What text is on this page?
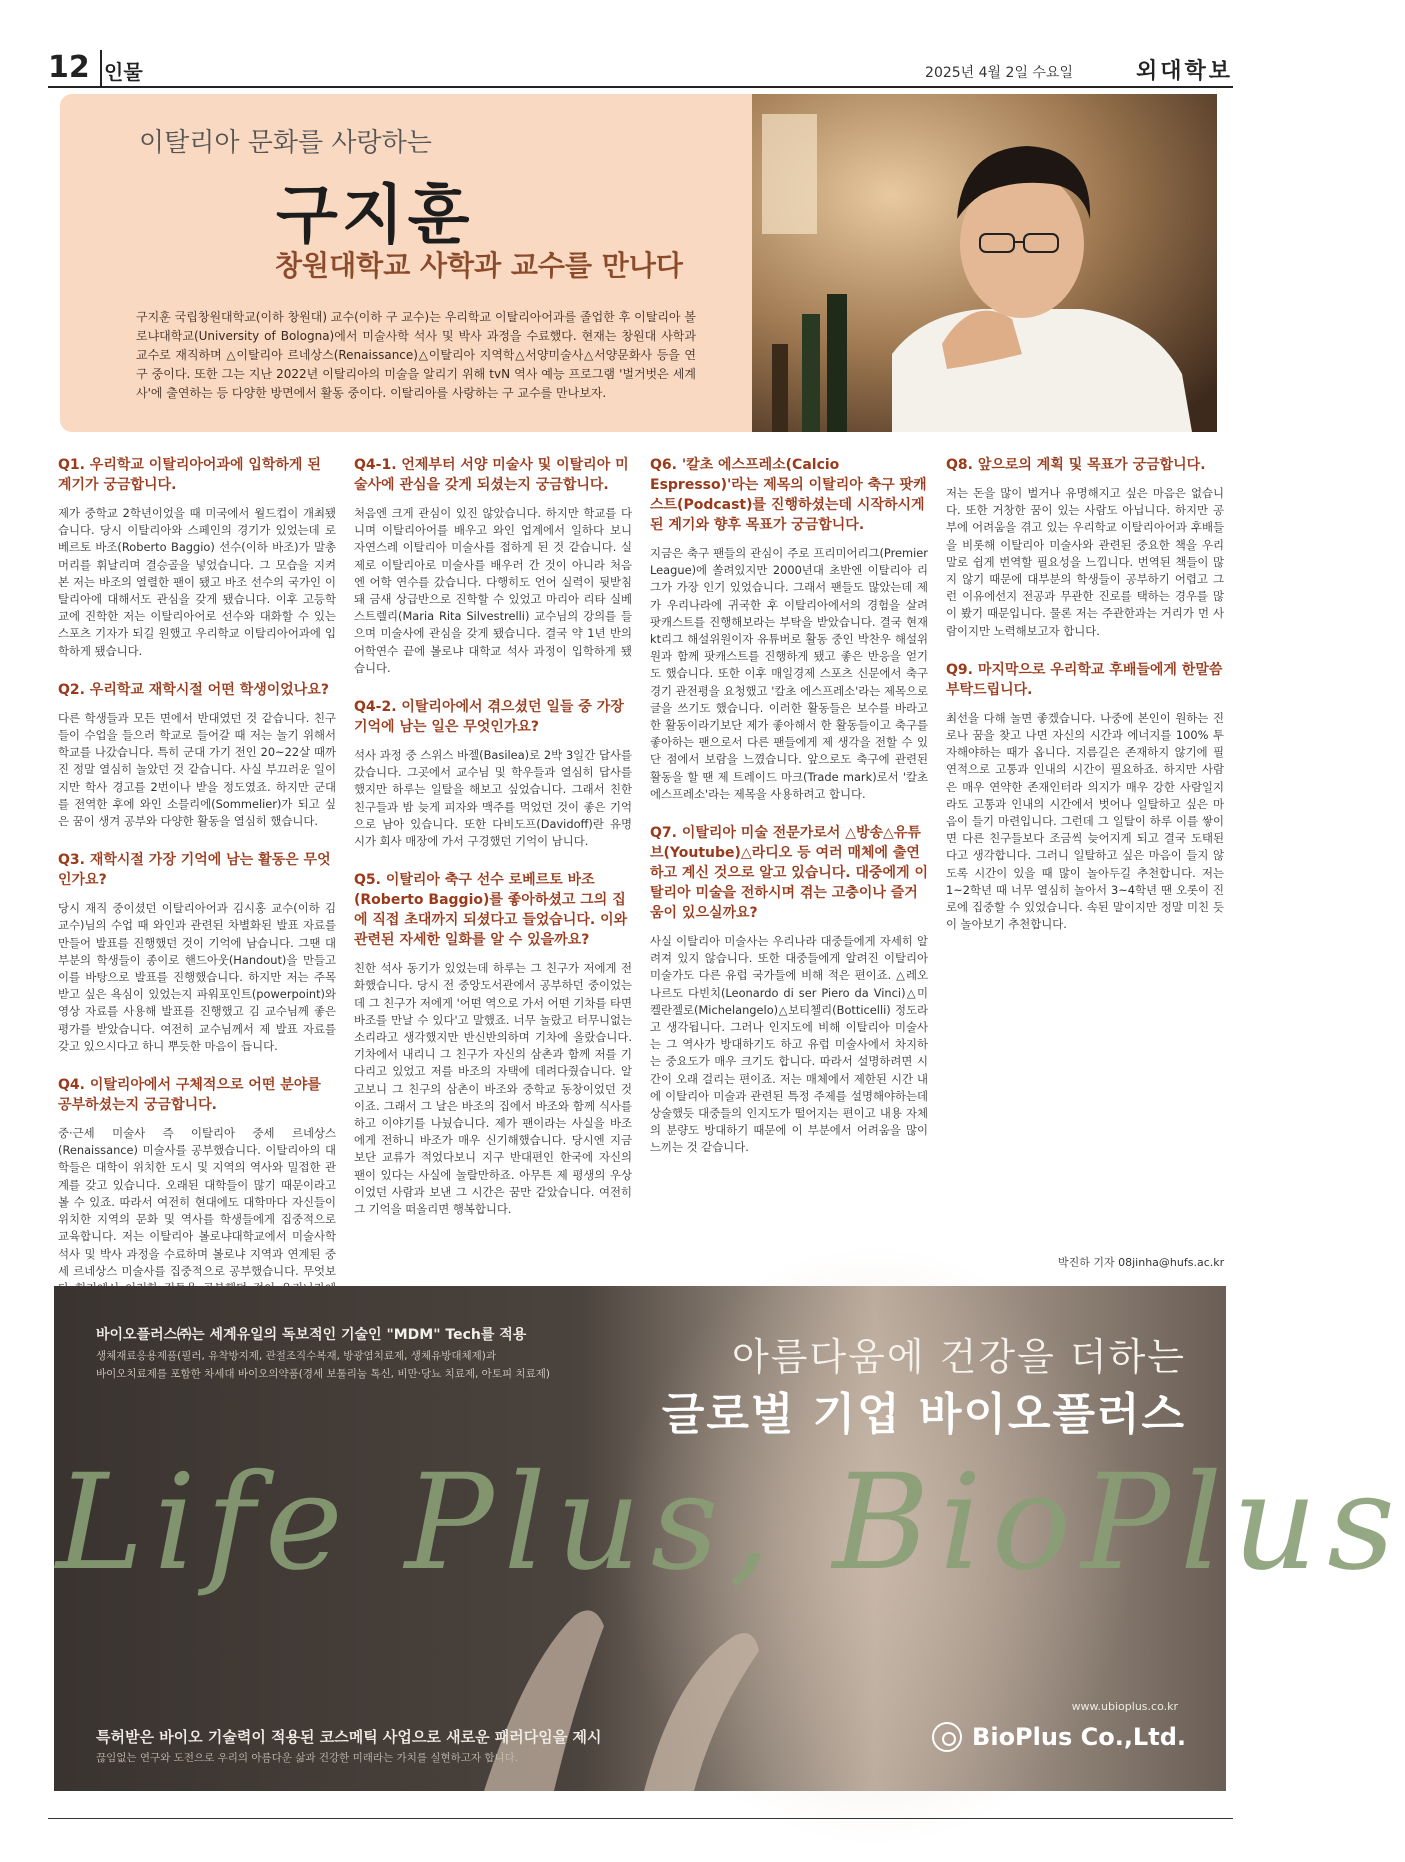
12 인물	2025년 4월 2일 수요일	외대학보
이탈리아 문화를 사랑하는
구지훈
창원대학교 사학과 교수를 만나다
구지훈 국립창원대학교(이하 창원대) 교수(이하 구 교수)는 우리학교 이탈리아어과를 졸업한 후 이탈리아 볼로냐대학교(University of Bologna)에서 미술사학 석사 및 박사 과정을 수료했다. 현재는 창원대 사학과 교수로 재직하며 △이탈리아 르네상스(Renaissance)△이탈리아 지역학△서양미술사△서양문화사 등을 연구 중이다. 또한 그는 지난 2022년 이탈리아의 미술을 알리기 위해 tvN 역사 예능 프로그램 '벌거벗은 세계사'에 출연하는 등 다양한 방면에서 활동 중이다. 이탈리아를 사랑하는 구 교수를 만나보자.
Q1. 우리학교 이탈리아어과에 입학하게 된 계기가 궁금합니다.
제가 중학교 2학년이었을 때 미국에서 월드컵이 개최됐습니다. 당시 이탈리아와 스페인의 경기가 있었는데 로베르토 바조(Roberto Baggio) 선수(이하 바조)가 말총머리를 휘날리며 결승골을 넣었습니다. 그 모습을 지켜본 저는 바조의 열렬한 팬이 됐고 바조 선수의 국가인 이탈리아에 대해서도 관심을 갖게 됐습니다. 이후 고등학교에 진학한 저는 이탈리아어로 선수와 대화할 수 있는 스포츠 기자가 되길 원했고 우리학교 이탈리아어과에 입학하게 됐습니다.
Q2. 우리학교 재학시절 어떤 학생이었나요?
다른 학생들과 모든 면에서 반대였던 것 같습니다. 친구들이 수업을 들으러 학교로 들어갈 때 저는 놀기 위해서 학교를 나갔습니다. 특히 군대 가기 전인 20~22살 때까진 정말 열심히 놀았던 것 같습니다. 사실 부끄러운 일이지만 학사 경고를 2번이나 받을 정도였죠. 하지만 군대를 전역한 후에 와인 소믈리에(Sommelier)가 되고 싶은 꿈이 생겨 공부와 다양한 활동을 열심히 했습니다.
Q3. 재학시절 가장 기억에 남는 활동은 무엇인가요?
당시 재직 중이셨던 이탈리아어과 김시홍 교수(이하 김 교수)님의 수업 때 와인과 관련된 차별화된 발표 자료를 만들어 발표를 진행했던 것이 기억에 남습니다. 그땐 대부분의 학생들이 종이로 핸드아웃(Handout)을 만들고 이를 바탕으로 발표를 진행했습니다. 하지만 저는 주목 받고 싶은 욕심이 있었는지 파워포인트(powerpoint)와 영상 자료를 사용해 발표를 진행했고 김 교수님께 좋은 평가를 받았습니다. 여전히 교수님께서 제 발표 자료를 갖고 있으시다고 하니 뿌듯한 마음이 듭니다.
Q4. 이탈리아에서 구체적으로 어떤 분야를 공부하셨는지 궁금합니다.
중·근세 미술사 즉 이탈리아 중세 르네상스(Renaissance) 미술사를 공부했습니다. 이탈리아의 대학들은 대학이 위치한 도시 및 지역의 역사와 밀접한 관계를 갖고 있습니다. 오래된 대학들이 많기 때문이라고 볼 수 있죠. 따라서 여전히 현대에도 대학마다 자신들이 위치한 지역의 문화 및 역사를 학생들에게 집중적으로 교육합니다. 저는 이탈리아 볼로냐대학교에서 미술사학 석사 및 박사 과정을 수료하며 볼로냐 지역과 연계된 중세 르네상스 미술사를 집중적으로 공부했습니다. 무엇보
Q4-1. 언제부터 서양 미술사 및 이탈리아 미술사에 관심을 갖게 되셨는지 궁금합니다.
처음엔 크게 관심이 있진 않았습니다. 하지만 학교를 다니며 이탈리아어를 배우고 와인 업계에서 일하다 보니 자연스레 이탈리아 미술사를 접하게 된 것 같습니다. 실제로 이탈리아로 미술사를 배우러 간 것이 아니라 처음엔 어학 연수를 갔습니다. 다행히도 언어 실력이 뒷받침돼 금새 상급반으로 진학할 수 있었고 마리아 리타 실베스트렐리(Maria Rita Silvestrelli) 교수님의 강의를 들으며 미술사에 관심을 갖게 됐습니다. 결국 약 1년 반의 어학연수 끝에 볼로냐 대학교 석사 과정이 입학하게 됐습니다.
Q4-2. 이탈리아에서 겪으셨던 일들 중 가장 기억에 남는 일은 무엇인가요?
석사 과정 중 스위스 바젤(Basilea)로 2박 3일간 답사를 갔습니다. 그곳에서 교수님 및 학우들과 열심히 답사를 했지만 하루는 일탈을 해보고 싶었습니다. 그래서 친한 친구들과 밤 늦게 피자와 맥주를 먹었던 것이 좋은 기억으로 남아 있습니다. 또한 다비도프(Davidoff)란 유명 시가 회사 매장에 가서 구경했던 기억이 남니다.
Q5. 이탈리아 축구 선수 로베르토 바조(Roberto Baggio)를 좋아하셨고 그의 집에 직접 초대까지 되셨다고 들었습니다. 이와 관련된 자세한 일화를 알 수 있을까요?
친한 석사 동기가 있었는데 하루는 그 친구가 저에게 전화했습니다. 당시 전 중앙도서관에서 공부하던 중이었는데 그 친구가 저에게 '어떤 역으로 가서 어떤 기차를 타면 바조를 만날 수 있다'고 말했죠. 너무 놀랐고 터무니없는 소리라고 생각했지만 반신반의하며 기차에 올랐습니다. 기차에서 내리니 그 친구가 자신의 삼촌과 함께 저를 기다리고 있었고 저를 바조의 자택에 데려다줬습니다. 알고보니 그 친구의 삼촌이 바조와 중학교 동창이었던 것이죠. 그래서 그 날은 바조의 집에서 바조와 함께 식사를 하고 이야기를 나눴습니다. 제가 팬이라는 사실을 바조에게 전하니 바조가 매우 신기해했습니다. 당시엔 지금보단 교류가 적었다보니 지구 반대편인 한국에 자신의 팬이 있다는 사실에 놀랄만하죠. 아무튼 제 평생의 우상이었던 사람과 보낸 그 시간은 꿈만 같았습니다. 여전히 그 기억을 떠올리면 행복합니다.
Q6. '칼초 에스프레소(Calcio Espresso)'라는 제목의 이탈리아 축구 팟캐스트(Podcast)를 진행하셨는데 시작하시게 된 계기와 향후 목표가 궁금합니다.
지금은 축구 팬들의 관심이 주로 프리미어리그(Premier League)에 쏠려있지만 2000년대 초반엔 이탈리아 리그가 가장 인기 있었습니다. 그래서 팬들도 많았는데 제가 우리나라에 귀국한 후 이탈리아에서의 경험을 살려 팟캐스트를 진행해보라는 부탁을 받았습니다. 결국 현재 kt리그 해설위원이자 유튜버로 활동 중인 박찬우 해설위원과 함께 팟캐스트를 진행하게 됐고 좋은 반응을 얻기도 했습니다. 또한 이후 매일경제 스포츠 신문에서 축구 경기 관전평을 요청했고 '칼초 에스프레소'라는 제목으로 글을 쓰기도 했습니다. 이러한 활동들은 보수를 바라고 한 활동이라기보단 제가 좋아해서 한 활동들이고 축구를 좋아하는 팬으로서 다른 팬들에게 제 생각을 전할 수 있단 점에서 보람을 느꼈습니다. 앞으로도 축구에 관련된 활동을 할 땐 제 트레이드 마크(Trade mark)로서 '칼초 에스프레소'라는 제목을 사용하려고 합니다.
Q7. 이탈리아 미술 전문가로서 △방송△유튜브(Youtube)△라디오 등 여러 매체에 출연하고 계신 것으로 알고 있습니다. 대중에게 이탈리아 미술을 전하시며 겪는 고충이나 즐거움이 있으실까요?
사실 이탈리아 미술사는 우리나라 대중들에게 자세히 알려져 있지 않습니다. 또한 대중들에게 알려진 이탈리아 미술가도 다른 유럽 국가들에 비해 적은 편이죠. △레오나르도 다빈치(Leonardo di ser Piero da Vinci)△미켈란젤로(Michelangelo)△보티첼리(Botticelli) 정도라고 생각됩니다. 그러나 인지도에 비해 이탈리아 미술사는 그 역사가 방대하기도 하고 유럽 미술사에서 차지하는 중요도가 매우 크기도 합니다. 따라서 설명하려면 시간이 오래 걸리는 편이죠. 저는 매체에서 제한된 시간 내에 이탈리아 미술과 관련된 특정 주제를 설명해야하는데 상술했듯 대중들의 인지도가 떨어지는 편이고 내용 자체의 분량도 방대하기 때문에 이 부분에서 어려움을 많이 느끼는 것 같습니다.
Q8. 앞으로의 계획 및 목표가 궁금합니다.
저는 돈을 많이 벌거나 유명해지고 싶은 마음은 없습니다. 또한 거창한 꿈이 있는 사람도 아닙니다. 하지만 공부에 어려움을 겪고 있는 우리학교 이탈리아어과 후배들을 비롯해 이탈리아 미술사와 관련된 중요한 책을 우리말로 쉽게 번역할 필요성을 느낍니다. 번역된 책들이 많지 않기 때문에 대부분의 학생들이 공부하기 어렵고 그런 이유에선지 전공과 무관한 진로를 택하는 경우를 많이 봤기 때문입니다. 물론 저는 주관한과는 거리가 먼 사람이지만 노력해보고자 합니다.
Q9. 마지막으로 우리학교 후배들에게 한말씀 부탁드립니다.
최선을 다해 놀면 좋겠습니다. 나중에 본인이 원하는 진로나 꿈을 찾고 나면 자신의 시간과 에너지를 100% 투자해야하는 때가 옵니다. 지름길은 존재하지 않기에 필연적으로 고통과 인내의 시간이 필요하죠. 하지만 사람은 매우 연약한 존재인터라 의지가 매우 강한 사람일지라도 고통과 인내의 시간에서 벗어나 일탈하고 싶은 마음이 들기 마련입니다. 그런데 그 일탈이 하루 이를 쌓이면 다른 친구들보다 조금씩 늦어지게 되고 결국 도태된다고 생각합니다. 그러니 일탈하고 싶은 마음이 들지 않도록 시간이 있을 때 많이 놀아두길 추천합니다. 저는 1~2학년 때 너무 열심히 놀아서 3~4학년 땐 오롯이 진로에 집중할 수 있었습니다. 속된 말이지만 정말 미친 듯이 놀아보기 추천합니다.
박진하 기자 08jinha@hufs.ac.kr
바이오플러스㈜는 세계유일의 독보적인 기술인 "MDM" Tech를 적용
생체재료응용제품(필러, 유착방지제, 관절조직수복재, 방광염치료제, 생체유방대체제)과
바이오치료제를 포함한 차세대 바이오의약품(경세 보툴리눔 톡신, 비만·당뇨 치료제, 아토피 치료제)	아름다움에 건강을 더하는
글로벌 기업 바이오플러스
Life Plus, BioPlus
특허받은 바이오 기술력이 적용된 코스메틱 사업으로 새로운 패러다임을 제시
끊임없는 연구와 도전으로 우리의 아름다운 삶과 건강한 미래라는 가치를 실현하고자 합니다.
www.ubioplus.co.kr
BioPlus Co.,Ltd.
